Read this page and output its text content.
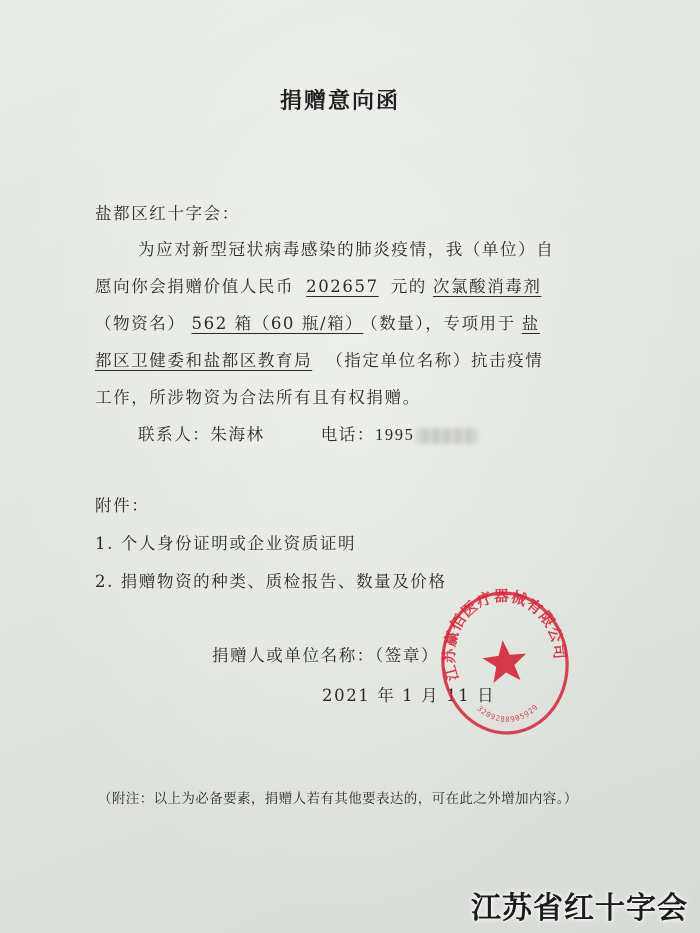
捐赠意向函
盐都区红十字会：
为应对新型冠状病毒感染的肺炎疫情，我（单位）自
愿向你会捐赠价值人民币 202657 元的 次氯酸消毒剂
（物资名） 562 箱（60 瓶/箱） （数量），专项用于 盐
都区卫健委和盐都区教育局 （指定单位名称）抗击疫情
工作，所涉物资为合法所有且有权捐赠。
联系人：朱海林	电话：1995
附件：
1. 个人身份证明或企业资质证明
2. 捐赠物资的种类、质检报告、数量及价格
捐赠人或单位名称：（签章）
2021 年 1 月 11 日
（附注：以上为必备要素，捐赠人若有其他要表达的，可在此之外增加内容。）
江苏赢佰医疗器械有限公司
3209280905929
江苏省红十字会
